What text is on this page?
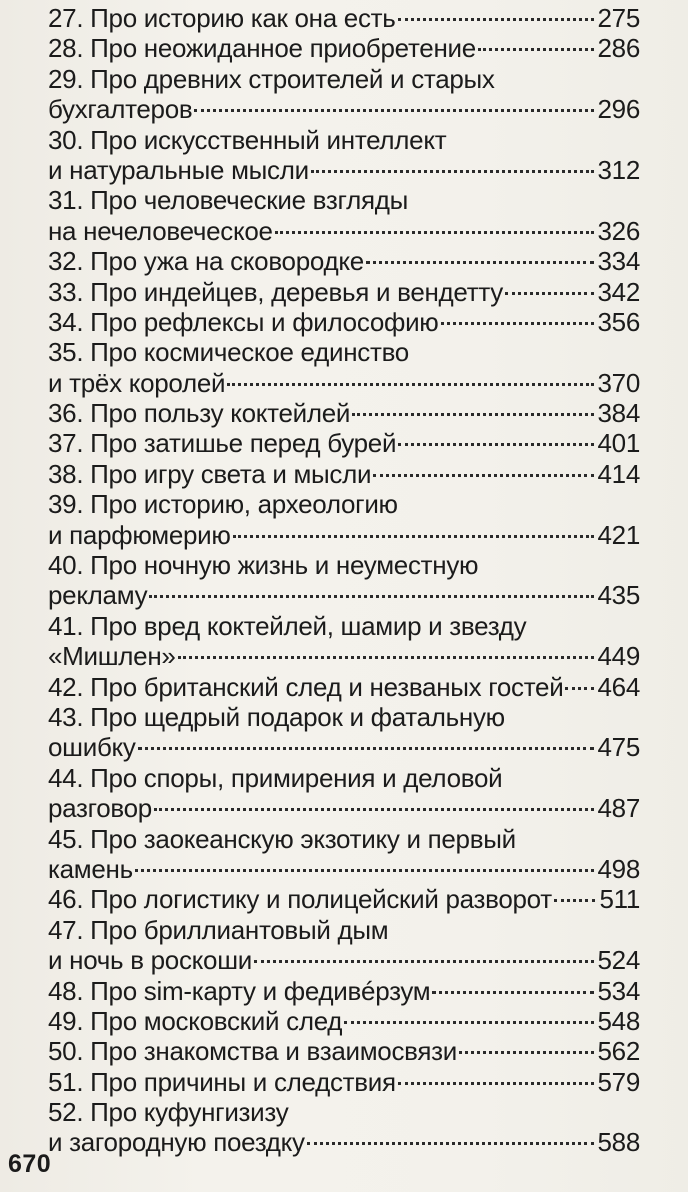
27. Про историю как она есть	275
28. Про неожиданное приобретение	286
29. Про древних строителей и старых
бухгалтеров	296
30. Про искусственный интеллект
и натуральные мысли	312
31. Про человеческие взгляды
на нечеловеческое	326
32. Про ужа на сковородке	334
33. Про индейцев, деревья и вендетту	342
34. Про рефлексы и философию	356
35. Про космическое единство
и трёх королей	370
36. Про пользу коктейлей	384
37. Про затишье перед бурей	401
38. Про игру света и мысли	414
39. Про историю, археологию
и парфюмерию	421
40. Про ночную жизнь и неуместную
рекламу	435
41. Про вред коктейлей, шамир и звезду
«Мишлен»	449
42. Про британский след и незваных гостей 464
43. Про щедрый подарок и фатальную
ошибку	475
44. Про споры, примирения и деловой
разговор	487
45. Про заокеанскую экзотику и первый
камень	498
46. Про логистику и полицейский разворот 511
47. Про бриллиантовый дым
и ночь в роскоши	524
48. Про sim-карту и федивéрзум	534
49. Про московский след	548
50. Про знакомства и взаимосвязи	562
51. Про причины и следствия	579
52. Про куфунгизизу
и загородную поездку	588
670
